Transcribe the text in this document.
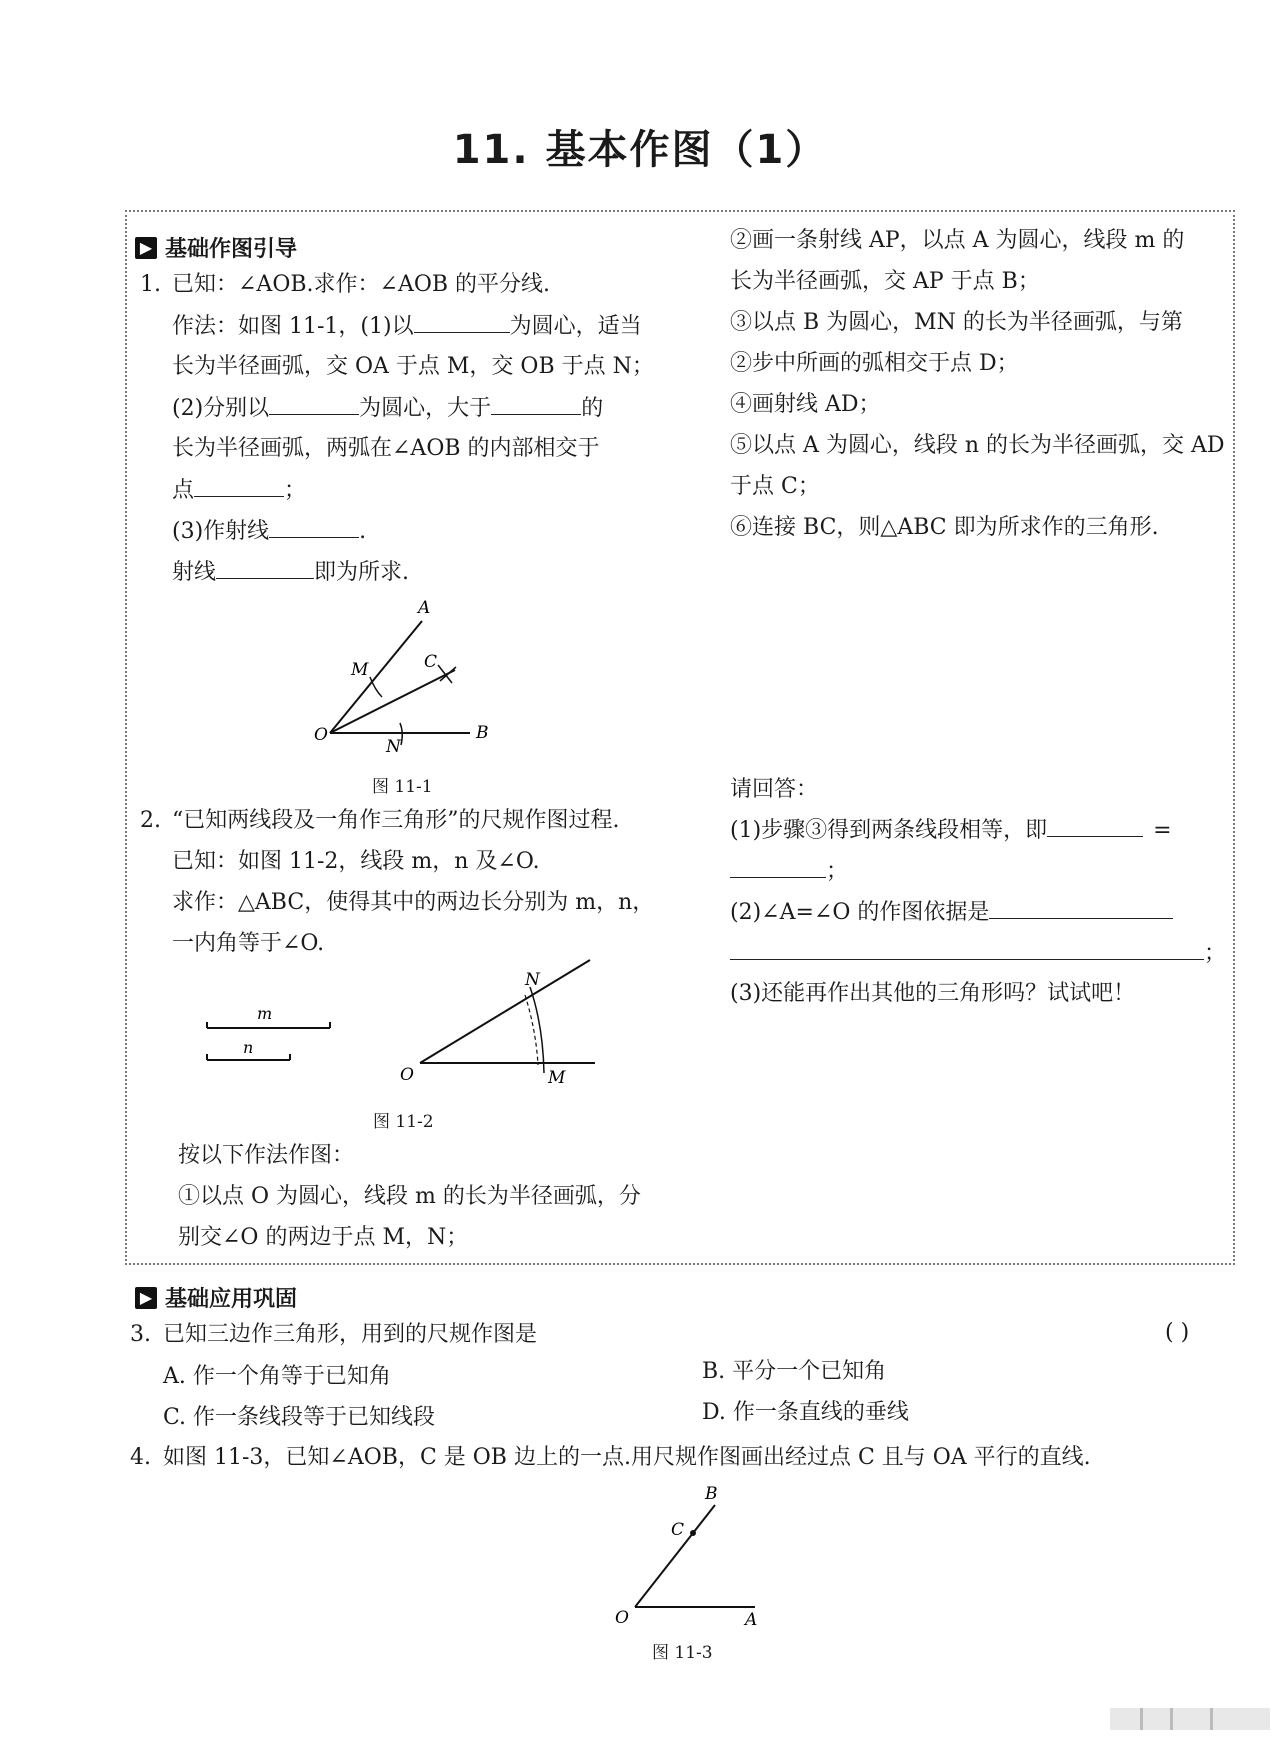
11. 基本作图（1）
▶ 基础作图引导
1. 已知：∠AOB.求作：∠AOB 的平分线.
作法：如图 11-1，(1)以	为圆心，适当
长为半径画弧，交 OA 于点 M，交 OB 于点 N；
(2)分别以	为圆心，大于	的
长为半径画弧，两弧在∠AOB 的内部相交于
点	；
(3)作射线	.
射线	即为所求.
A
M	C
O
N
B
图 11-1
2. “已知两线段及一角作三角形”的尺规作图过程.
已知：如图 11-2，线段 m，n 及∠O.
求作：△ABC，使得其中的两边长分别为 m，n，
一内角等于∠O.
m
n
O
N
M
图 11-2
按以下作法作图：
①以点 O 为圆心，线段 m 的长为半径画弧，分
别交∠O 的两边于点 M，N；
②画一条射线 AP，以点 A 为圆心，线段 m 的
长为半径画弧，交 AP 于点 B；
③以点 B 为圆心，MN 的长为半径画弧，与第
②步中所画的弧相交于点 D；
④画射线 AD；
⑤以点 A 为圆心，线段 n 的长为半径画弧，交 AD
于点 C；
⑥连接 BC，则△ABC 即为所求作的三角形.
请回答：
(1)步骤③得到两条线段相等，即	=
；
(2)∠A=∠O 的作图依据是
；
(3)还能再作出其他的三角形吗？试试吧！
▶ 基础应用巩固
3. 已知三边作三角形，用到的尺规作图是	( )
A. 作一个角等于已知角	B. 平分一个已知角
C. 作一条线段等于已知线段	D. 作一条直线的垂线
4. 如图 11-3，已知∠AOB，C 是 OB 边上的一点.用尺规作图画出经过点 C 且与 OA 平行的直线.
B
C
O	A
图 11-3
